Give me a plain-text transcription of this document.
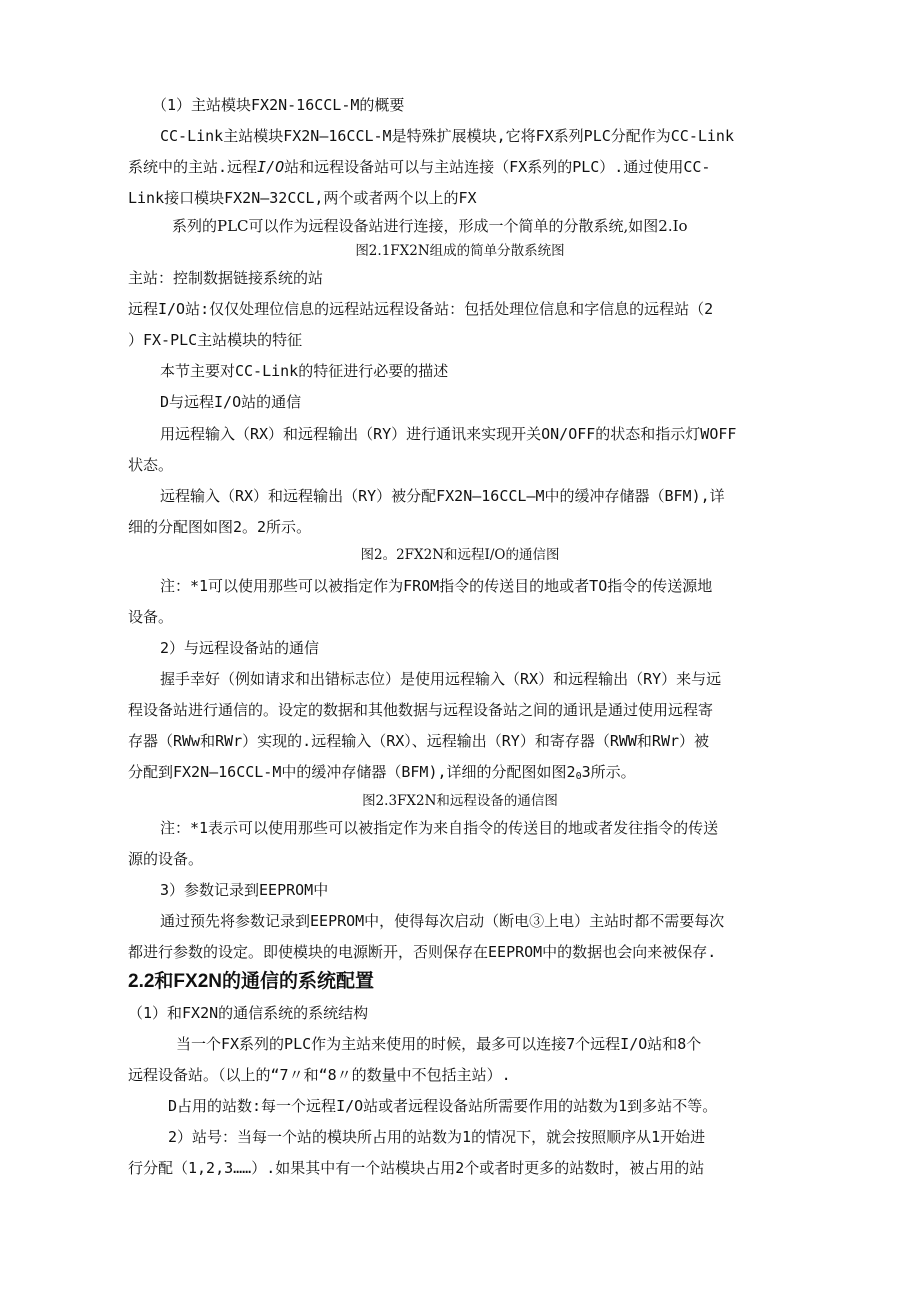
（1）主站模块FX2N-16CCL-M的概要
CC-Link主站模块FX2N—16CCL-M是特殊扩展模块,它将FX系列PLC分配作为CC-Link
系统中的主站.远程I/O站和远程设备站可以与主站连接（FX系列的PLC）.通过使用CC-
Link接口模块FX2N—32CCL,两个或者两个以上的FX
系列的PLC可以作为远程设备站进行连接，形成一个简单的分散系统,如图2.Io
图2.1FX2N组成的简单分散系统图
主站：控制数据链接系统的站
远程I/O站:仅仅处理位信息的远程站远程设备站：包括处理位信息和字信息的远程站（2
）FX-PLC主站模块的特征
本节主要对CC-Link的特征进行必要的描述
D与远程I/O站的通信
用远程输入（RX）和远程输出（RY）进行通讯来实现开关ON/OFF的状态和指示灯WOFF
状态。
远程输入（RX）和远程输出（RY）被分配FX2N—16CCL—M中的缓冲存储器（BFM),详
细的分配图如图2。2所示。
图2。2FX2N和远程I/O的通信图
注：*1可以使用那些可以被指定作为FROM指令的传送目的地或者TO指令的传送源地
设备。
2）与远程设备站的通信
握手幸好（例如请求和出错标志位）是使用远程输入（RX）和远程输出（RY）来与远
程设备站进行通信的。设定的数据和其他数据与远程设备站之间的通讯是通过使用远程寄
存器（RWw和RWr）实现的.远程输入（RX）、远程输出（RY）和寄存器（RWW和RWr）被
分配到FX2N—16CCL-M中的缓冲存储器（BFM),详细的分配图如图$2_03$所示。
图2.3FX2N和远程设备的通信图
注：*1表示可以使用那些可以被指定作为来自指令的传送目的地或者发往指令的传送
源的设备。
3）参数记录到EEPROM中
通过预先将参数记录到EEPROM中，使得每次启动（断电③上电）主站时都不需要每次
都进行参数的设定。即使模块的电源断开，否则保存在EEPROM中的数据也会向来被保存.
2.2和FX2N的通信的系统配置
（1）和FX2N的通信系统的系统结构
当一个FX系列的PLC作为主站来使用的时候，最多可以连接7个远程I/O站和8个
远程设备站。（以上的“7〃和“8〃的数量中不包括主站）.
D占用的站数:每一个远程I/O站或者远程设备站所需要作用的站数为1到多站不等。
2）站号：当每一个站的模块所占用的站数为1的情况下，就会按照顺序从1开始进
行分配（1,2,3……）.如果其中有一个站模块占用2个或者时更多的站数时，被占用的站
